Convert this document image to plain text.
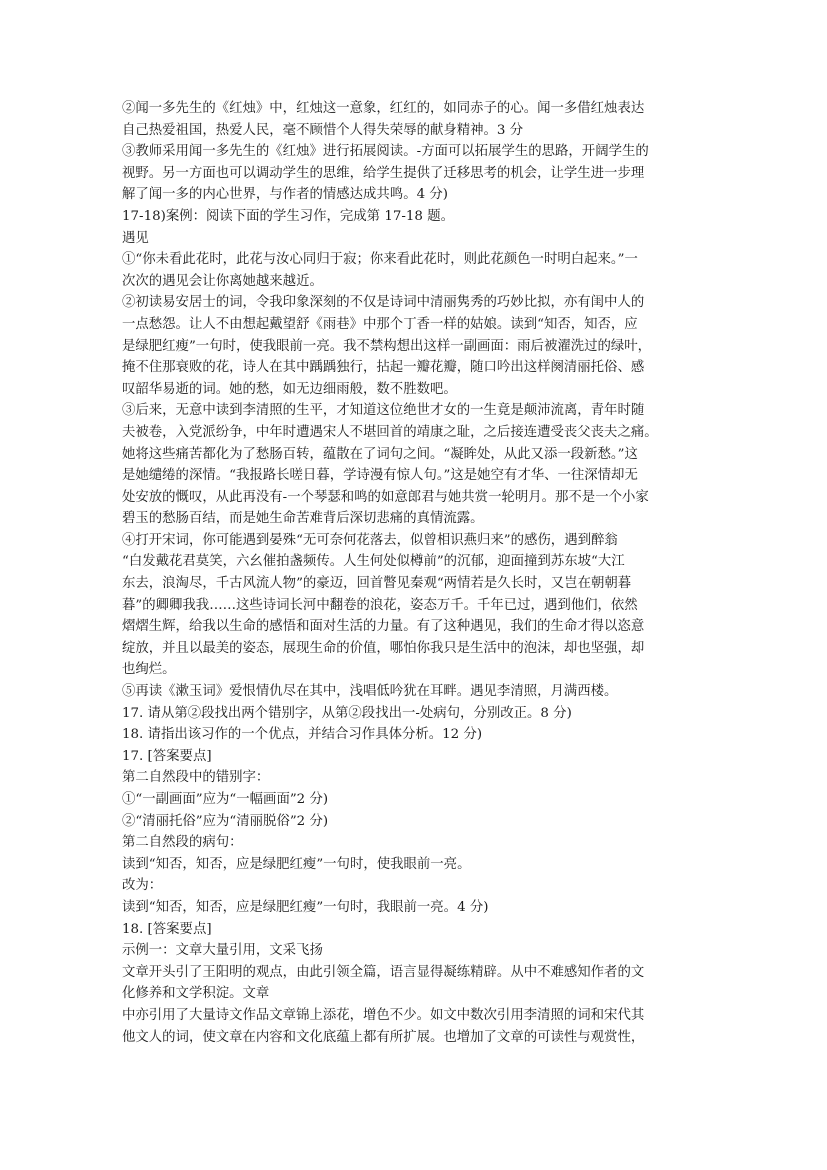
②闻一多先生的《红烛》中，红烛这一意象，红红的，如同赤子的心。闻一多借红烛表达
自己热爱祖国，热爱人民，毫不顾惜个人得失荣辱的献身精神。3 分
③教师采用闻一多先生的《红烛》进行拓展阅读。-方面可以拓展学生的思路，开阔学生的
视野。另一方面也可以调动学生的思维，给学生提供了迁移思考的机会，让学生进一步理
解了闻一多的内心世界，与作者的情感达成共鸣。4 分)
17-18)案例：阅读下面的学生习作，完成第 17-18 题。
遇见
①“你未看此花时，此花与汝心同归于寂；你来看此花时，则此花颜色一时明白起来。”一
次次的遇见会让你离她越来越近。
②初读易安居士的词，令我印象深刻的不仅是诗词中清丽隽秀的巧妙比拟，亦有闺中人的
一点愁怨。让人不由想起戴望舒《雨巷》中那个丁香一样的姑娘。读到“知否，知否，应
是绿肥红瘦”一句时，使我眼前一亮。我不禁构想出这样一副画面：雨后被濯洗过的绿叶，
掩不住那衰败的花，诗人在其中踽踽独行，拈起一瓣花瓣，随口吟出这样阕清丽托俗、感
叹韶华易逝的词。她的愁，如无边细雨般，数不胜数吧。
③后来，无意中读到李清照的生平，才知道这位绝世才女的一生竟是颠沛流离，青年时随
夫被卷，入党派纷争，中年时遭遇宋人不堪回首的靖康之耻，之后接连遭受丧父丧夫之痛。
她将这些痛苦都化为了愁肠百转，蕴散在了词句之间。“凝眸处，从此又添一段新愁。”这
是她缱绻的深情。“我报路长嗟日暮，学诗漫有惊人句。”这是她空有才华、一往深情却无
处安放的慨叹，从此再没有-一个琴瑟和鸣的如意郎君与她共赏一轮明月。那不是一个小家
碧玉的愁肠百结，而是她生命苦难背后深切悲痛的真情流露。
④打开宋词，你可能遇到晏殊“无可奈何花落去，似曾相识燕归来”的感伤，遇到醉翁
“白发戴花君莫笑，六幺催拍盏频传。人生何处似樽前”的沉郁，迎面撞到苏东坡“大江
东去，浪淘尽，千古风流人物”的豪迈，回首瞥见秦观“两情若是久长时，又岂在朝朝暮
暮”的卿卿我我……这些诗词长河中翻卷的浪花，姿态万千。千年已过，遇到他们，依然
熠熠生辉，给我以生命的感悟和面对生活的力量。有了这种遇见，我们的生命才得以恣意
绽放，并且以最美的姿态，展现生命的价值，哪怕你我只是生活中的泡沫，却也坚强，却
也绚烂。
⑤再读《漱玉词》爱恨情仇尽在其中，浅唱低吟犹在耳畔。遇见李清照，月满西楼。
17. 请从第②段找出两个错别字，从第②段找出一-处病句，分别改正。8 分)
18. 请指出该习作的一个优点，并结合习作具体分析。12 分)
17. [答案要点]
第二自然段中的错别字：
①“一副画面”应为“一幅画面”2 分)
②“清丽托俗”应为“清丽脱俗”2 分)
第二自然段的病句：
读到“知否，知否，应是绿肥红瘦”一句时，使我眼前一亮。
改为：
读到“知否，知否，应是绿肥红瘦”一句时，我眼前一亮。4 分)
18. [答案要点]
示例一：文章大量引用，文采飞扬
文章开头引了王阳明的观点，由此引领全篇，语言显得凝练精辟。从中不难感知作者的文
化修养和文学积淀。文章
中亦引用了大量诗文作品文章锦上添花，增色不少。如文中数次引用李清照的词和宋代其
他文人的词，使文章在内容和文化底蕴上都有所扩展。也增加了文章的可读性与观赏性，
